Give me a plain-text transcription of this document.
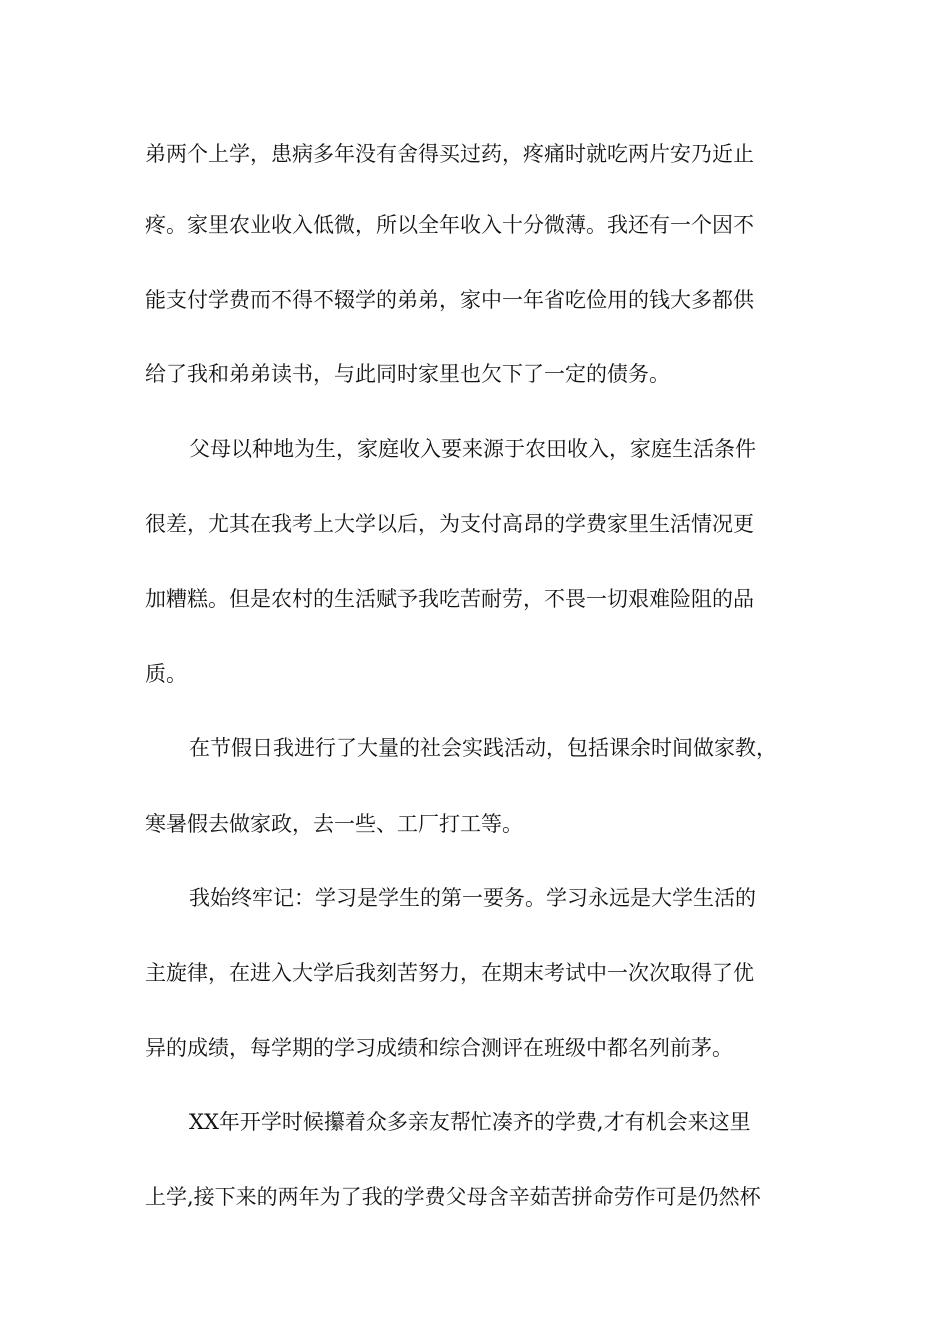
弟两个上学，患病多年没有舍得买过药，疼痛时就吃两片安乃近止

疼。家里农业收入低微，所以全年收入十分微薄。我还有一个因不

能支付学费而不得不辍学的弟弟，家中一年省吃俭用的钱大多都供

给了我和弟弟读书，与此同时家里也欠下了一定的债务。

父母以种地为生，家庭收入要来源于农田收入，家庭生活条件

很差，尤其在我考上大学以后，为支付高昂的学费家里生活情况更

加糟糕。但是农村的生活赋予我吃苦耐劳，不畏一切艰难险阻的品

质。

在节假日我进行了大量的社会实践活动，包括课余时间做家教，

寒暑假去做家政，去一些、工厂打工等。

我始终牢记：学习是学生的第一要务。学习永远是大学生活的

主旋律，在进入大学后我刻苦努力，在期末考试中一次次取得了优

异的成绩，每学期的学习成绩和综合测评在班级中都名列前茅。

XX年开学时候攥着众多亲友帮忙凑齐的学费,才有机会来这里

上学,接下来的两年为了我的学费父母含辛茹苦拼命劳作可是仍然杯
